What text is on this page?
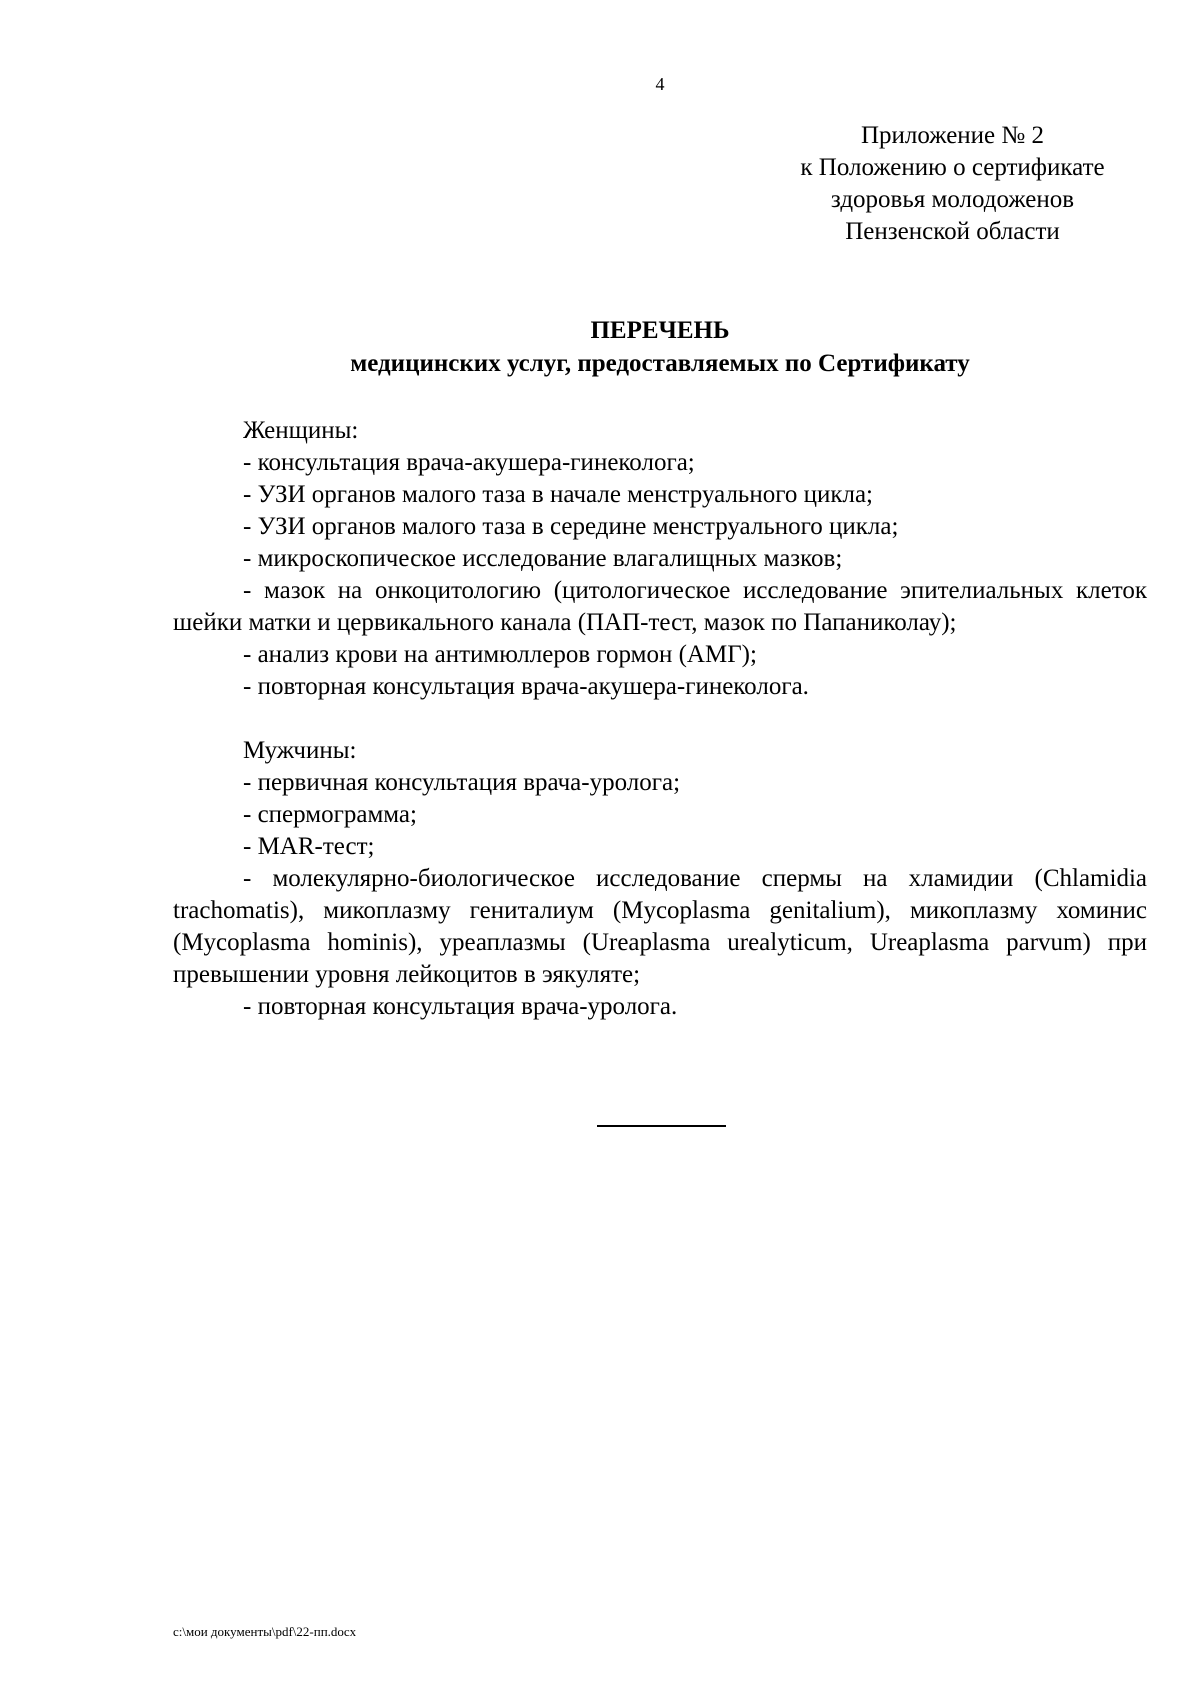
4
Приложение № 2
к Положению о сертификате
здоровья молодоженов
Пензенской области
ПЕРЕЧЕНЬ
медицинских услуг, предоставляемых по Сертификату
Женщины:
- консультация врача-акушера-гинеколога;
- УЗИ органов малого таза в начале менструального цикла;
- УЗИ органов малого таза в середине менструального цикла;
- микроскопическое исследование влагалищных мазков;
- мазок на онкоцитологию (цитологическое исследование эпителиальных клеток шейки матки и цервикального канала (ПАП-тест, мазок по Папаниколау);
- анализ крови на антимюллеров гормон (АМГ);
- повторная консультация врача-акушера-гинеколога.
Мужчины:
- первичная консультация врача-уролога;
- спермограмма;
- MAR-тест;
- молекулярно-биологическое исследование спермы на хламидии (Chlamidia trachomatis), микоплазму гениталиум (Mycoplasma genitalium), микоплазму хоминис (Mycoplasma hominis), уреаплазмы (Ureaplasma urealyticum, Ureaplasma parvum) при превышении уровня лейкоцитов в эякуляте;
- повторная консультация врача-уролога.
c:\мои документы\pdf\22-пп.docx
